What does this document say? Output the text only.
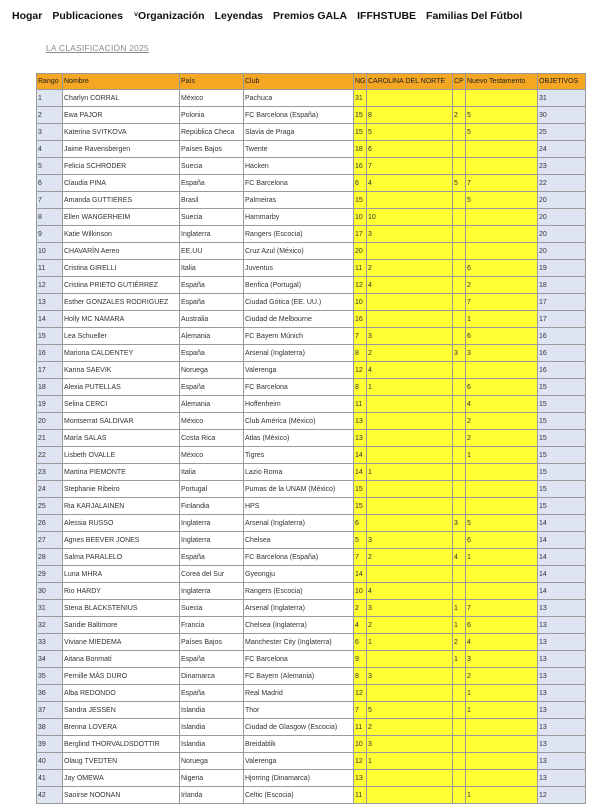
Hogar Publicaciones ˅ Organización Leyendas Premios GALA IFFHSTUBE Familias Del Fútbol
LA CLASIFICACIÓN 2025
Rango	Nombre	País	Club	NG	CAROLINA DEL NORTE	CP	Nuevo Testamento	OBJETIVOS
1	Charlyn CORRAL	México	Pachuca	31				31
2	Ewa PAJOR	Polonia	FC Barcelona (España)	15	8	2	5	30
3	Katerina SVITKOVA	República Checa	Slavia de Praga	15	5		5	25
4	Jaime Ravensbergen	Países Bajos	Twente	18	6			24
5	Felicia SCHRODER	Suecia	Hacken	16	7			23
6	Claudia PINA	España	FC Barcelona	6	4	5	7	22
7	Amanda GUTTIERES	Brasil	Palmeiras	15			5	20
8	Ellen WANGERHEIM	Suecia	Hammarby	10	10			20
9	Katie Wilkinson	Inglaterra	Rangers (Escocia)	17	3			20
10	CHAVARÍN Aereo	EE.UU	Cruz Azul (México)	20				20
11	Cristina GIRELLI	Italia	Juventus	11	2		6	19
12	Cristina PRIETO GUTIÉRREZ	España	Benfica (Portugal)	12	4		2	18
13	Esther GONZALES RODRIGUEZ	España	Ciudad Gótica (EE. UU.)	10			7	17
14	Holly MC NAMARA	Australia	Ciudad de Melbourne	16			1	17
15	Lea Schueller	Alemania	FC Bayern Múnich	7	3		6	16
16	Mariona CALDENTEY	España	Arsenal (Inglaterra)	8	2	3	3	16
17	Karina SAEVIK	Noruega	Valerenga	12	4			16
18	Alexia PUTELLAS	España	FC Barcelona	8	1		6	15
19	Selina CERCI	Alemania	Hoffenheim	11			4	15
20	Montserrat SALDIVAR	México	Club América (México)	13			2	15
21	María SALAS	Costa Rica	Atlas (México)	13			2	15
22	Lisbeth OVALLE	México	Tigres	14			1	15
23	Martina PIEMONTE	Italia	Lazio Roma	14	1			15
24	Stephanie Ribeiro	Portugal	Pumas de la UNAM (México)	15				15
25	Ria KARJALAINEN	Finlandia	HPS	15				15
26	Alessia RUSSO	Inglaterra	Arsenal (Inglaterra)	6		3	5	14
27	Agnes BEEVER JONES	Inglaterra	Chelsea	5	3		6	14
28	Salma PARALELO	España	FC Barcelona (España)	7	2	4	1	14
29	Luna MHRA	Corea del Sur	Gyeongju	14				14
30	Rio HARDY	Inglaterra	Rangers (Escocia)	10	4			14
31	Stena BLACKSTENIUS	Suecia	Arsenal (Inglaterra)	2	3	1	7	13
32	Sandie Baltimore	Francia	Chelsea (Inglaterra)	4	2	1	6	13
33	Viviane MIEDEMA	Países Bajos	Manchester City (Inglaterra)	6	1	2	4	13
34	Aitana Bonmatí	España	FC Barcelona	9		1	3	13
35	Pernille MÁS DURO	Dinamarca	FC Bayern (Alemania)	8	3		2	13
36	Alba REDONDO	España	Real Madrid	12			1	13
37	Sandra JESSEN	Islandia	Thor	7	5		1	13
38	Brenna LOVERA	Islandia	Ciudad de Glasgow (Escocia)	11	2			13
39	Berglind THORVALDSDOTTIR	Islandia	Breidablik	10	3			13
40	Olaug TVEDTEN	Noruega	Valerenga	12	1			13
41	Jay OMEWA	Nigeria	Hjorring (Dinamarca)	13				13
42	Saoirse NOONAN	Irlanda	Celtic (Escocia)	11			1	12
